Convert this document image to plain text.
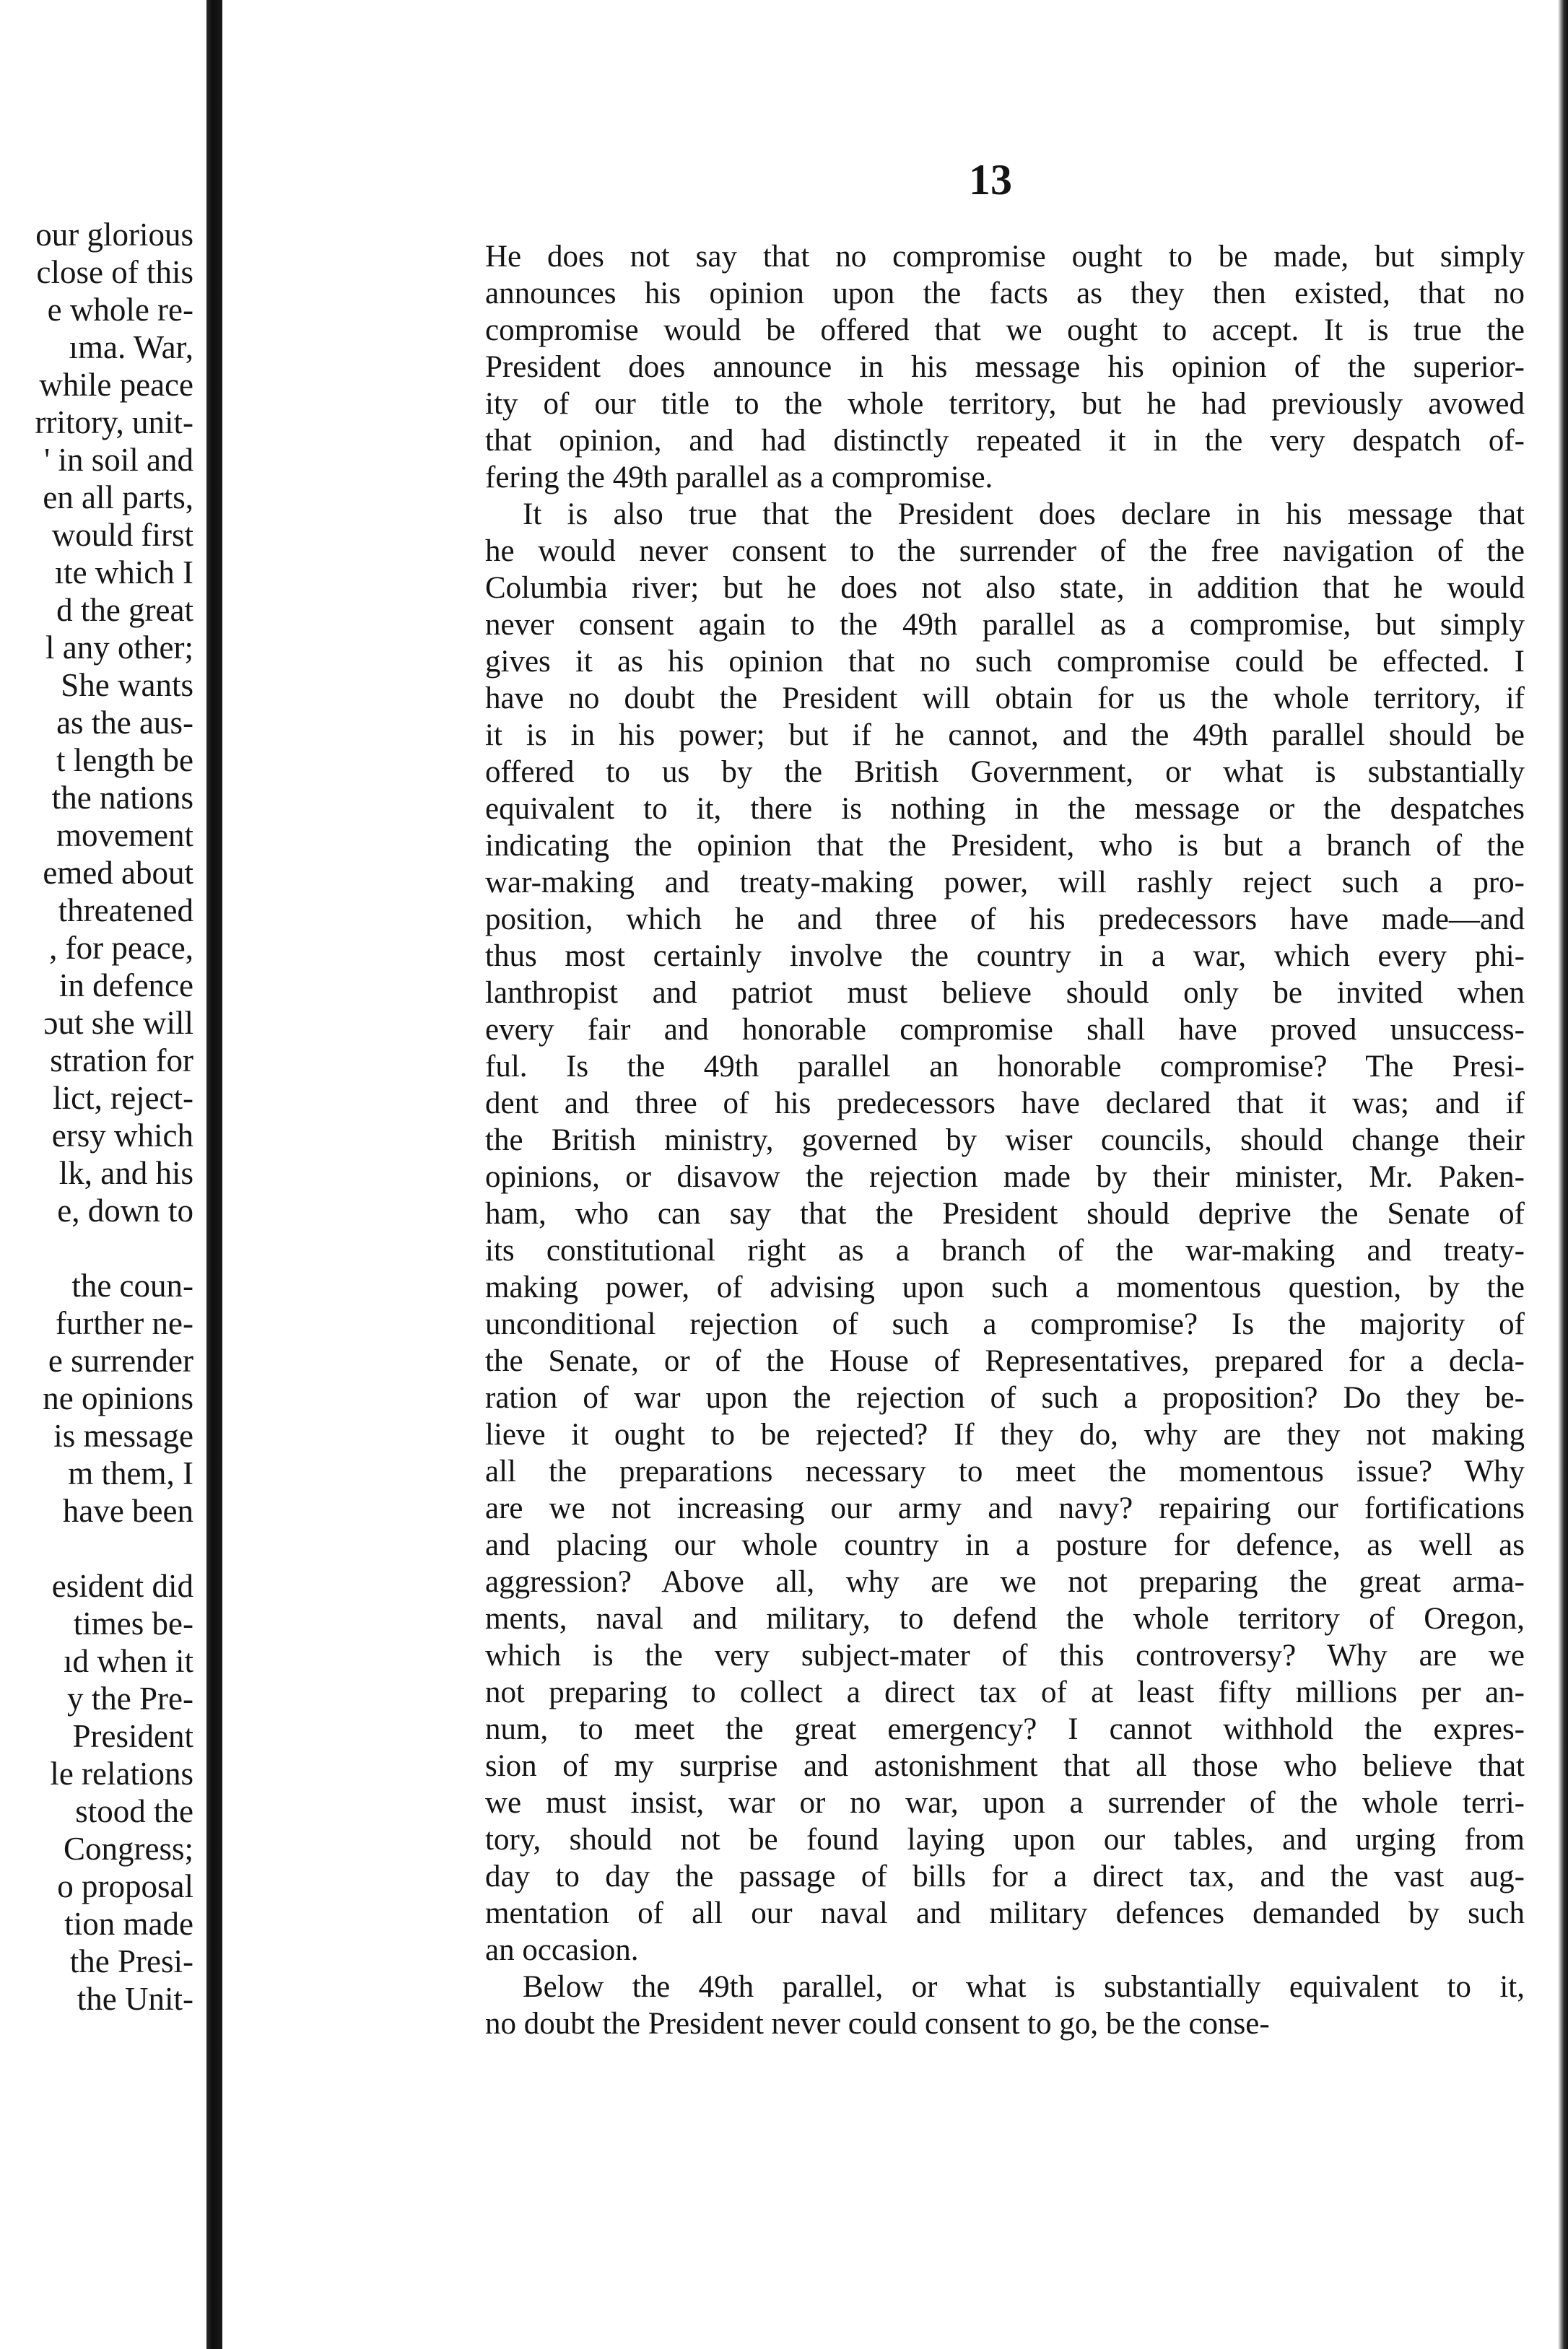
our glorious
close of this
e whole re-
ıma. War,
while peace
rritory, unit-
' in soil and
en all parts,
would first
ıte which I
d the great
l any other;
She wants
as the aus-
t length be
the nations
movement
emed about
threatened
, for peace,
in defence
ɔut she will
stration for
lict, reject-
ersy which
lk, and his
e, down to
the coun-
further ne-
e surrender
ne opinions
is message
m them, I
have been
esident did
times be-
ıd when it
y the Pre-
President
le relations
stood the
Congress;
o proposal
tion made
the Presi-
the Unit-
13
He does not say that no compromise ought to be made, but simply
announces his opinion upon the facts as they then existed, that no
compromise would be offered that we ought to accept. It is true the
President does announce in his message his opinion of the superior-
ity of our title to the whole territory, but he had previously avowed
that opinion, and had distinctly repeated it in the very despatch of-
fering the 49th parallel as a compromise.
It is also true that the President does declare in his message that
he would never consent to the surrender of the free navigation of the
Columbia river; but he does not also state, in addition that he would
never consent again to the 49th parallel as a compromise, but simply
gives it as his opinion that no such compromise could be effected. I
have no doubt the President will obtain for us the whole territory, if
it is in his power; but if he cannot, and the 49th parallel should be
offered to us by the British Government, or what is substantially
equivalent to it, there is nothing in the message or the despatches
indicating the opinion that the President, who is but a branch of the
war-making and treaty-making power, will rashly reject such a pro-
position, which he and three of his predecessors have made—and
thus most certainly involve the country in a war, which every phi-
lanthropist and patriot must believe should only be invited when
every fair and honorable compromise shall have proved unsuccess-
ful. Is the 49th parallel an honorable compromise? The Presi-
dent and three of his predecessors have declared that it was; and if
the British ministry, governed by wiser councils, should change their
opinions, or disavow the rejection made by their minister, Mr. Paken-
ham, who can say that the President should deprive the Senate of
its constitutional right as a branch of the war-making and treaty-
making power, of advising upon such a momentous question, by the
unconditional rejection of such a compromise? Is the majority of
the Senate, or of the House of Representatives, prepared for a decla-
ration of war upon the rejection of such a proposition? Do they be-
lieve it ought to be rejected? If they do, why are they not making
all the preparations necessary to meet the momentous issue? Why
are we not increasing our army and navy? repairing our fortifications
and placing our whole country in a posture for defence, as well as
aggression? Above all, why are we not preparing the great arma-
ments, naval and military, to defend the whole territory of Oregon,
which is the very subject-mater of this controversy? Why are we
not preparing to collect a direct tax of at least fifty millions per an-
num, to meet the great emergency? I cannot withhold the expres-
sion of my surprise and astonishment that all those who believe that
we must insist, war or no war, upon a surrender of the whole terri-
tory, should not be found laying upon our tables, and urging from
day to day the passage of bills for a direct tax, and the vast aug-
mentation of all our naval and military defences demanded by such
an occasion.
Below the 49th parallel, or what is substantially equivalent to it,
no doubt the President never could consent to go, be the conse-
